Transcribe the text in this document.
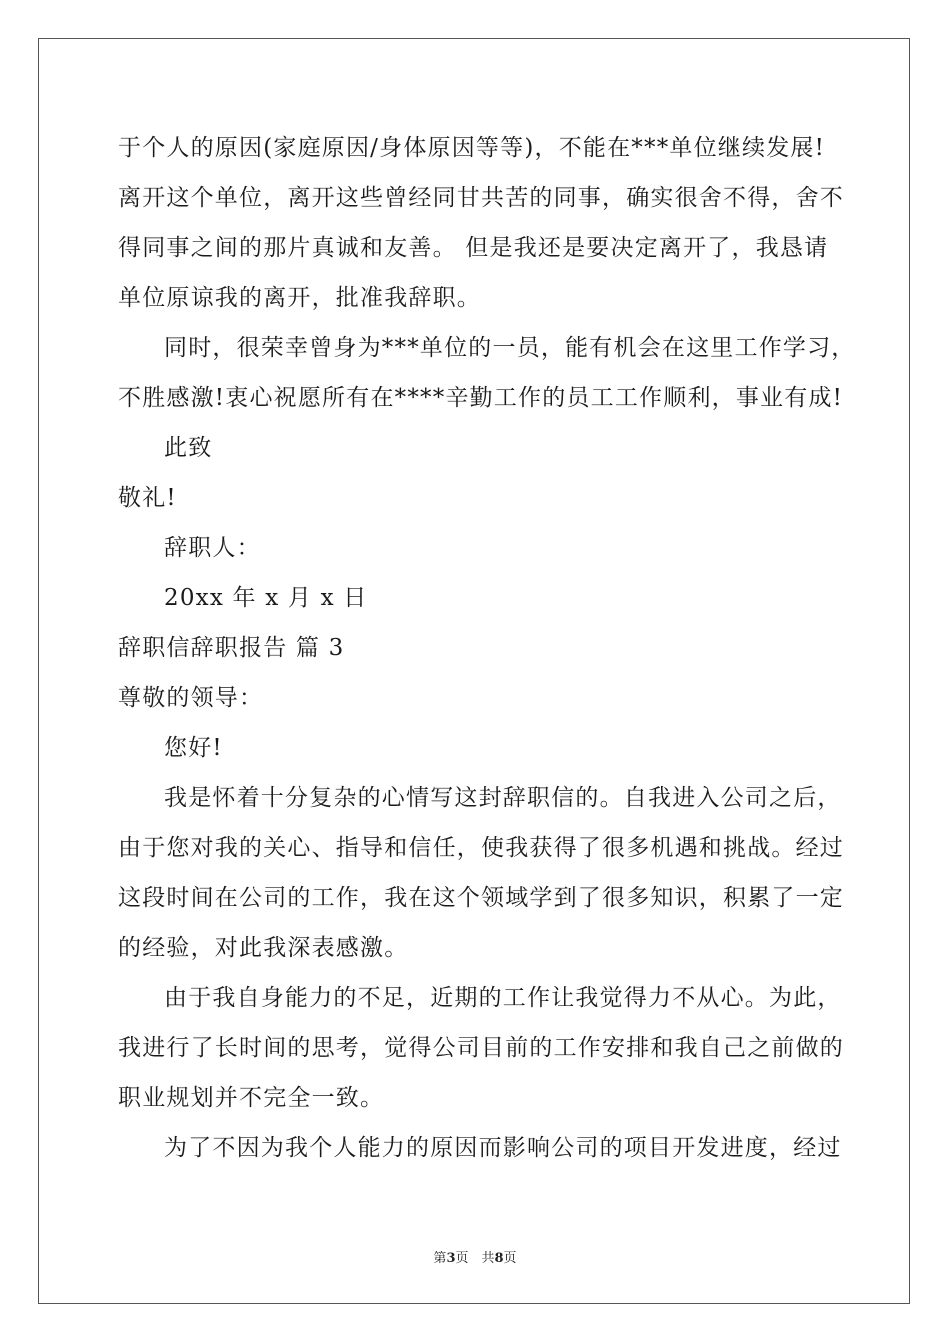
于个人的原因(家庭原因/身体原因等等)，不能在***单位继续发展!
离开这个单位，离开这些曾经同甘共苦的同事，确实很舍不得，舍不
得同事之间的那片真诚和友善。 但是我还是要决定离开了，我恳请
单位原谅我的离开，批准我辞职。
同时，很荣幸曾身为***单位的一员，能有机会在这里工作学习，
不胜感激!衷心祝愿所有在****辛勤工作的员工工作顺利，事业有成!
此致
敬礼!
辞职人：
20xx 年 x 月 x 日
辞职信辞职报告 篇 3
尊敬的领导：
您好!
我是怀着十分复杂的心情写这封辞职信的。自我进入公司之后，
由于您对我的关心、指导和信任，使我获得了很多机遇和挑战。经过
这段时间在公司的工作，我在这个领域学到了很多知识，积累了一定
的经验，对此我深表感激。
由于我自身能力的不足，近期的工作让我觉得力不从心。为此，
我进行了长时间的思考，觉得公司目前的工作安排和我自己之前做的
职业规划并不完全一致。
为了不因为我个人能力的原因而影响公司的项目开发进度，经过
第3页　共8页
